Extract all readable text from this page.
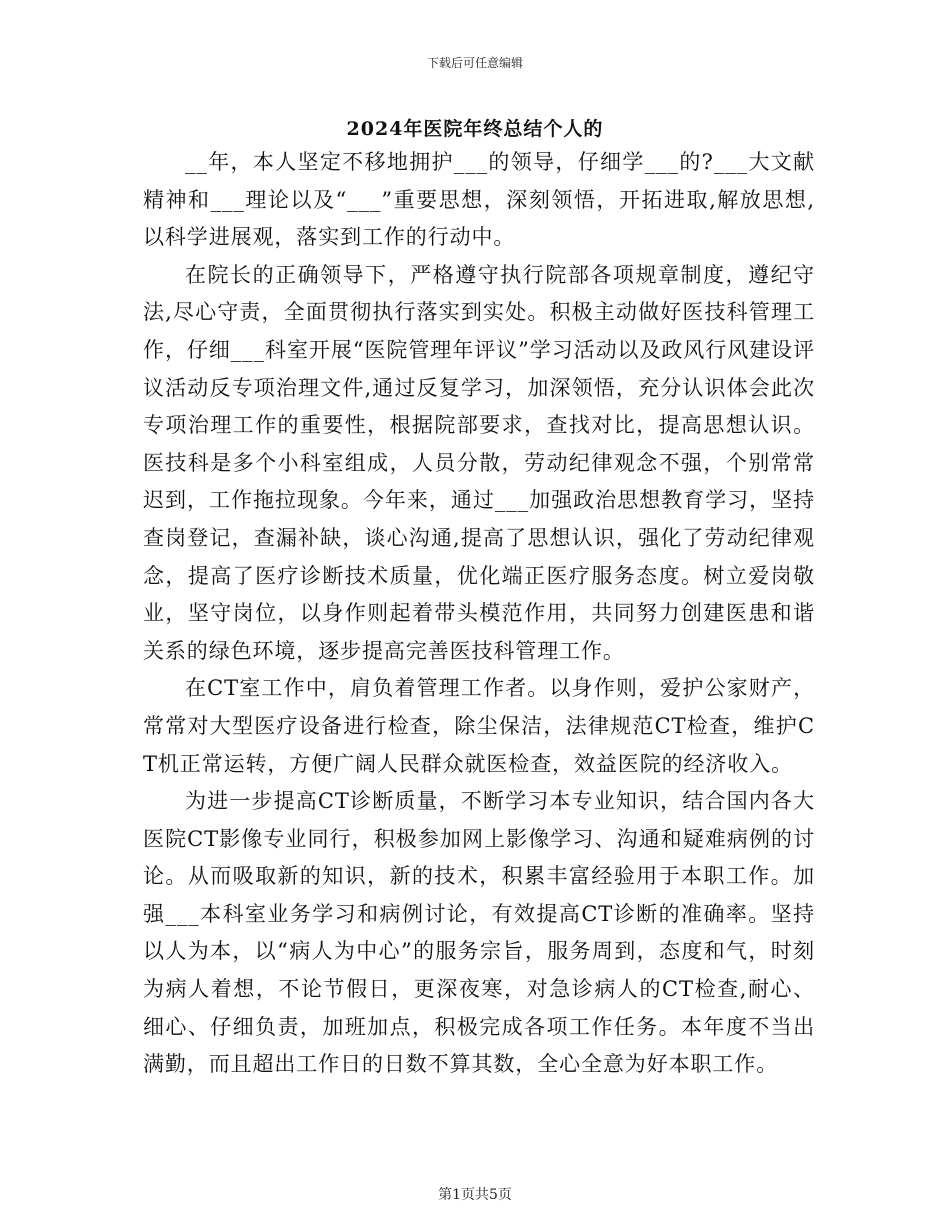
下载后可任意编辑
2024年医院年终总结个人的

__年，本人坚定不移地拥护___的领导，仔细学___的?___大文献精神和___理论以及“___”重要思想，深刻领悟，开拓进取,解放思想,以科学进展观，落实到工作的行动中。

在院长的正确领导下，严格遵守执行院部各项规章制度，遵纪守法,尽心守责，全面贯彻执行落实到实处。积极主动做好医技科管理工作，仔细___科室开展“医院管理年评议”学习活动以及政风行风建设评议活动反专项治理文件,通过反复学习，加深领悟，充分认识体会此次专项治理工作的重要性，根据院部要求，查找对比，提高思想认识。医技科是多个小科室组成，人员分散，劳动纪律观念不强，个别常常迟到，工作拖拉现象。今年来，通过___加强政治思想教育学习，坚持查岗登记，查漏补缺，谈心沟通,提高了思想认识，强化了劳动纪律观念，提高了医疗诊断技术质量，优化端正医疗服务态度。树立爱岗敬业，坚守岗位，以身作则起着带头模范作用，共同努力创建医患和谐关系的绿色环境，逐步提高完善医技科管理工作。

在CT室工作中，肩负着管理工作者。以身作则，爱护公家财产，常常对大型医疗设备进行检查，除尘保洁，法律规范CT检查，维护CT机正常运转，方便广阔人民群众就医检查，效益医院的经济收入。

为进一步提高CT诊断质量，不断学习本专业知识，结合国内各大医院CT影像专业同行，积极参加网上影像学习、沟通和疑难病例的讨论。从而吸取新的知识，新的技术，积累丰富经验用于本职工作。加强___本科室业务学习和病例讨论，有效提高CT诊断的准确率。坚持以人为本，以“病人为中心”的服务宗旨，服务周到，态度和气，时刻为病人着想，不论节假日，更深夜寒，对急诊病人的CT检查,耐心、细心、仔细负责，加班加点，积极完成各项工作任务。本年度不当出满勤，而且超出工作日的日数不算其数，全心全意为好本职工作。

第1页共5页
